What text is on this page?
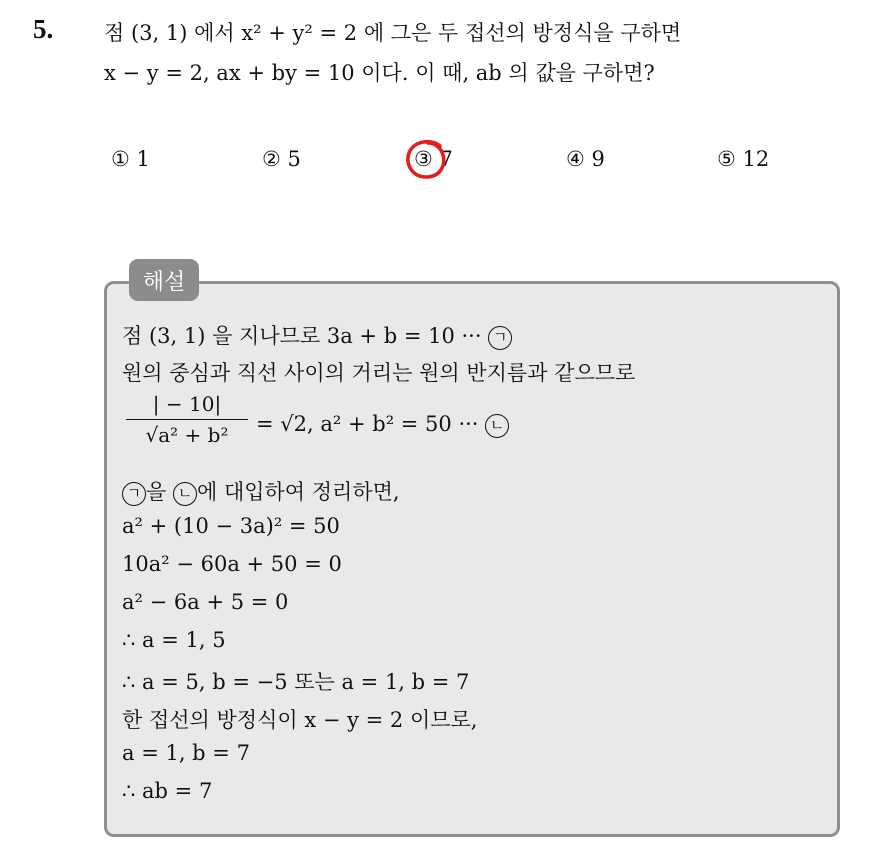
5. 점 (3, 1) 에서 x² + y² = 2 에 그은 두 접선의 방정식을 구하면
x − y = 2, ax + by = 10 이다. 이 때, ab 의 값을 구하면?
① 1	② 5	③ 7	④ 9	⑤ 12
해설
점 (3, 1) 을 지나므로 3a + b = 10 ··· ㄱ
원의 중심과 직선 사이의 거리는 원의 반지름과 같으므로
| − 10|
√a² + b²	= √2, a² + b² = 50 ··· ㄴ
ㄱ 을 ㄴ 에 대입하여 정리하면,
a² + (10 − 3a)² = 50
10a² − 60a + 50 = 0
a² − 6a + 5 = 0
∴ a = 1, 5
∴ a = 5, b = −5 또는 a = 1, b = 7
한 접선의 방정식이 x − y = 2 이므로,
a = 1, b = 7
∴ ab = 7
